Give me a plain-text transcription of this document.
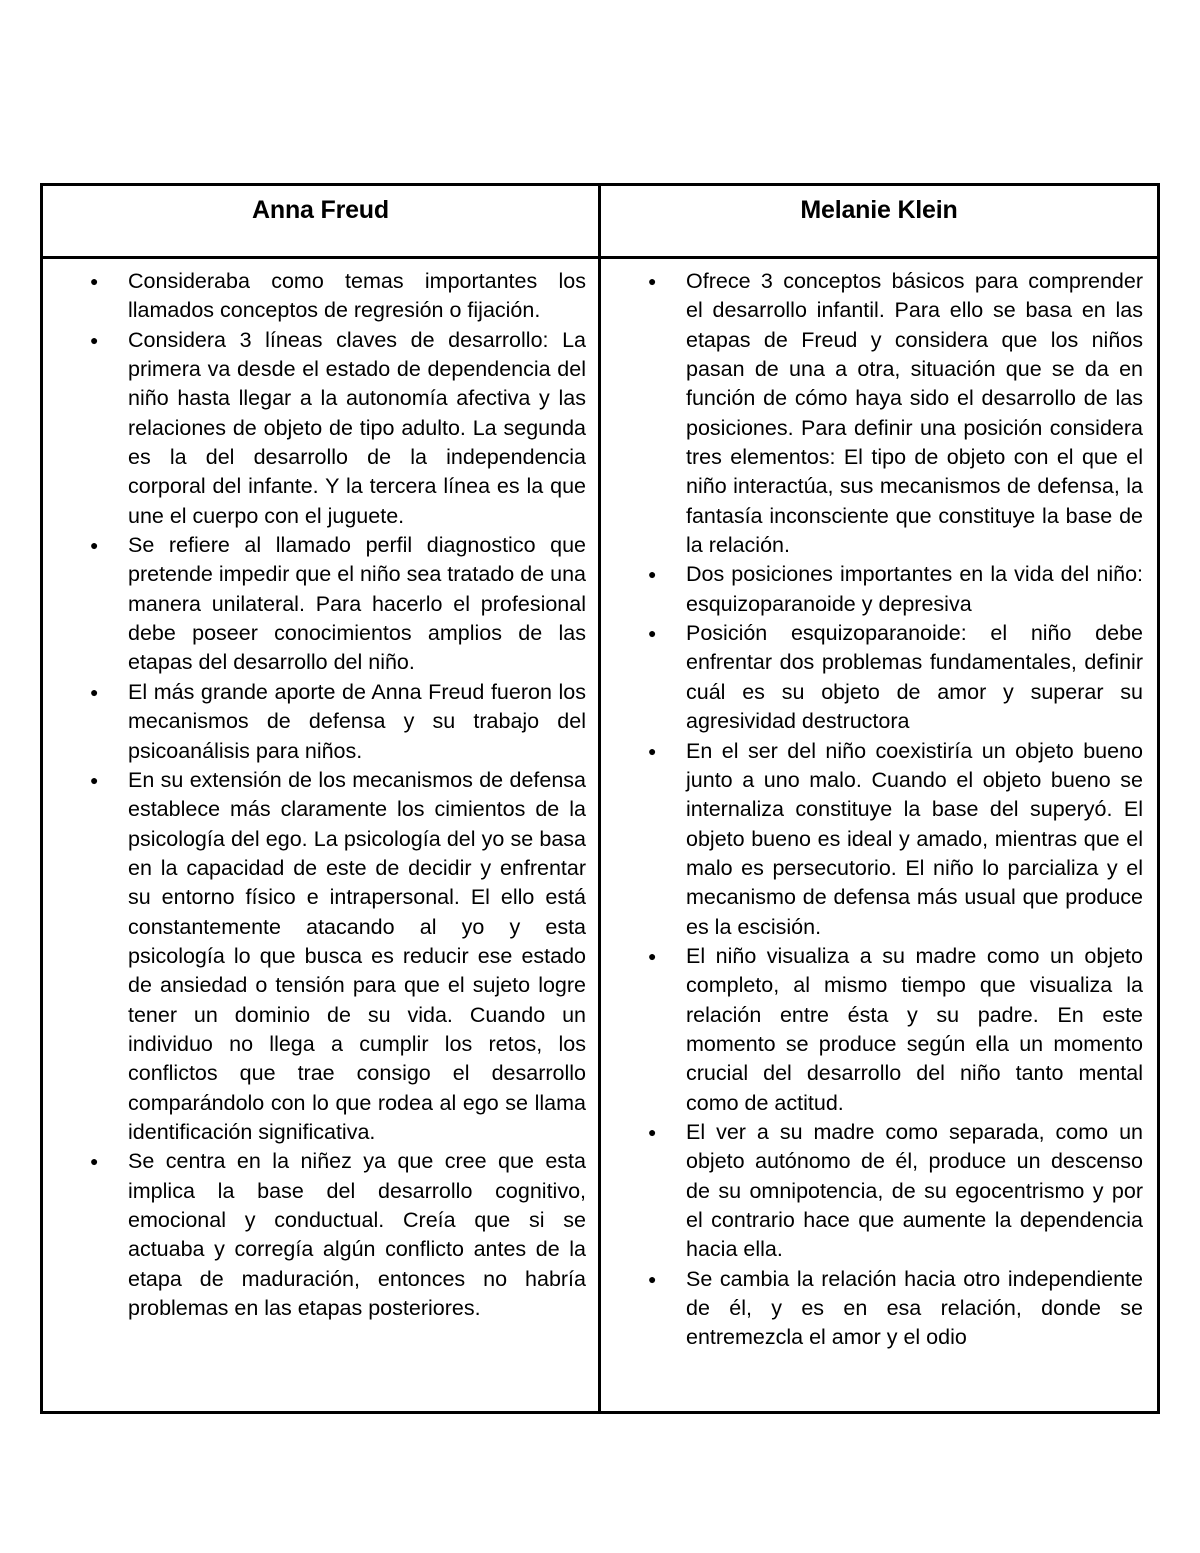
Anna Freud	Melanie Klein
● Consideraba como temas importantes los llamados conceptos de regresión o fijación.
● Considera 3 líneas claves de desarrollo: La primera va desde el estado de dependencia del niño hasta llegar a la autonomía afectiva y las relaciones de objeto de tipo adulto. La segunda es la del desarrollo de la independencia corporal del infante. Y la tercera línea es la que une el cuerpo con el juguete.
● Se refiere al llamado perfil diagnostico que pretende impedir que el niño sea tratado de una manera unilateral. Para hacerlo el profesional debe poseer conocimientos amplios de las etapas del desarrollo del niño.
● El más grande aporte de Anna Freud fueron los mecanismos de defensa y su trabajo del psicoanálisis para niños.
● En su extensión de los mecanismos de defensa establece más claramente los cimientos de la psicología del ego. La psicología del yo se basa en la capacidad de este de decidir y enfrentar su entorno físico e intrapersonal. El ello está constantemente atacando al yo y esta psicología lo que busca es reducir ese estado de ansiedad o tensión para que el sujeto logre tener un dominio de su vida. Cuando un individuo no llega a cumplir los retos, los conflictos que trae consigo el desarrollo comparándolo con lo que rodea al ego se llama identificación significativa.
● Se centra en la niñez ya que cree que esta implica la base del desarrollo cognitivo, emocional y conductual. Creía que si se actuaba y corregía algún conflicto antes de la etapa de maduración, entonces no habría problemas en las etapas posteriores.
● Ofrece 3 conceptos básicos para comprender el desarrollo infantil. Para ello se basa en las etapas de Freud y considera que los niños pasan de una a otra, situación que se da en función de cómo haya sido el desarrollo de las posiciones. Para definir una posición considera tres elementos: El tipo de objeto con el que el niño interactúa, sus mecanismos de defensa, la fantasía inconsciente que constituye la base de la relación.
● Dos posiciones importantes en la vida del niño: esquizoparanoide y depresiva
● Posición esquizoparanoide: el niño debe enfrentar dos problemas fundamentales, definir cuál es su objeto de amor y superar su agresividad destructora
● En el ser del niño coexistiría un objeto bueno junto a uno malo. Cuando el objeto bueno se internaliza constituye la base del superyó. El objeto bueno es ideal y amado, mientras que el malo es persecutorio. El niño lo parcializa y el mecanismo de defensa más usual que produce es la escisión.
● El niño visualiza a su madre como un objeto completo, al mismo tiempo que visualiza la relación entre ésta y su padre. En este momento se produce según ella un momento crucial del desarrollo del niño tanto mental como de actitud.
● El ver a su madre como separada, como un objeto autónomo de él, produce un descenso de su omnipotencia, de su egocentrismo y por el contrario hace que aumente la dependencia hacia ella.
● Se cambia la relación hacia otro independiente de él, y es en esa relación, donde se entremezcla el amor y el odio
